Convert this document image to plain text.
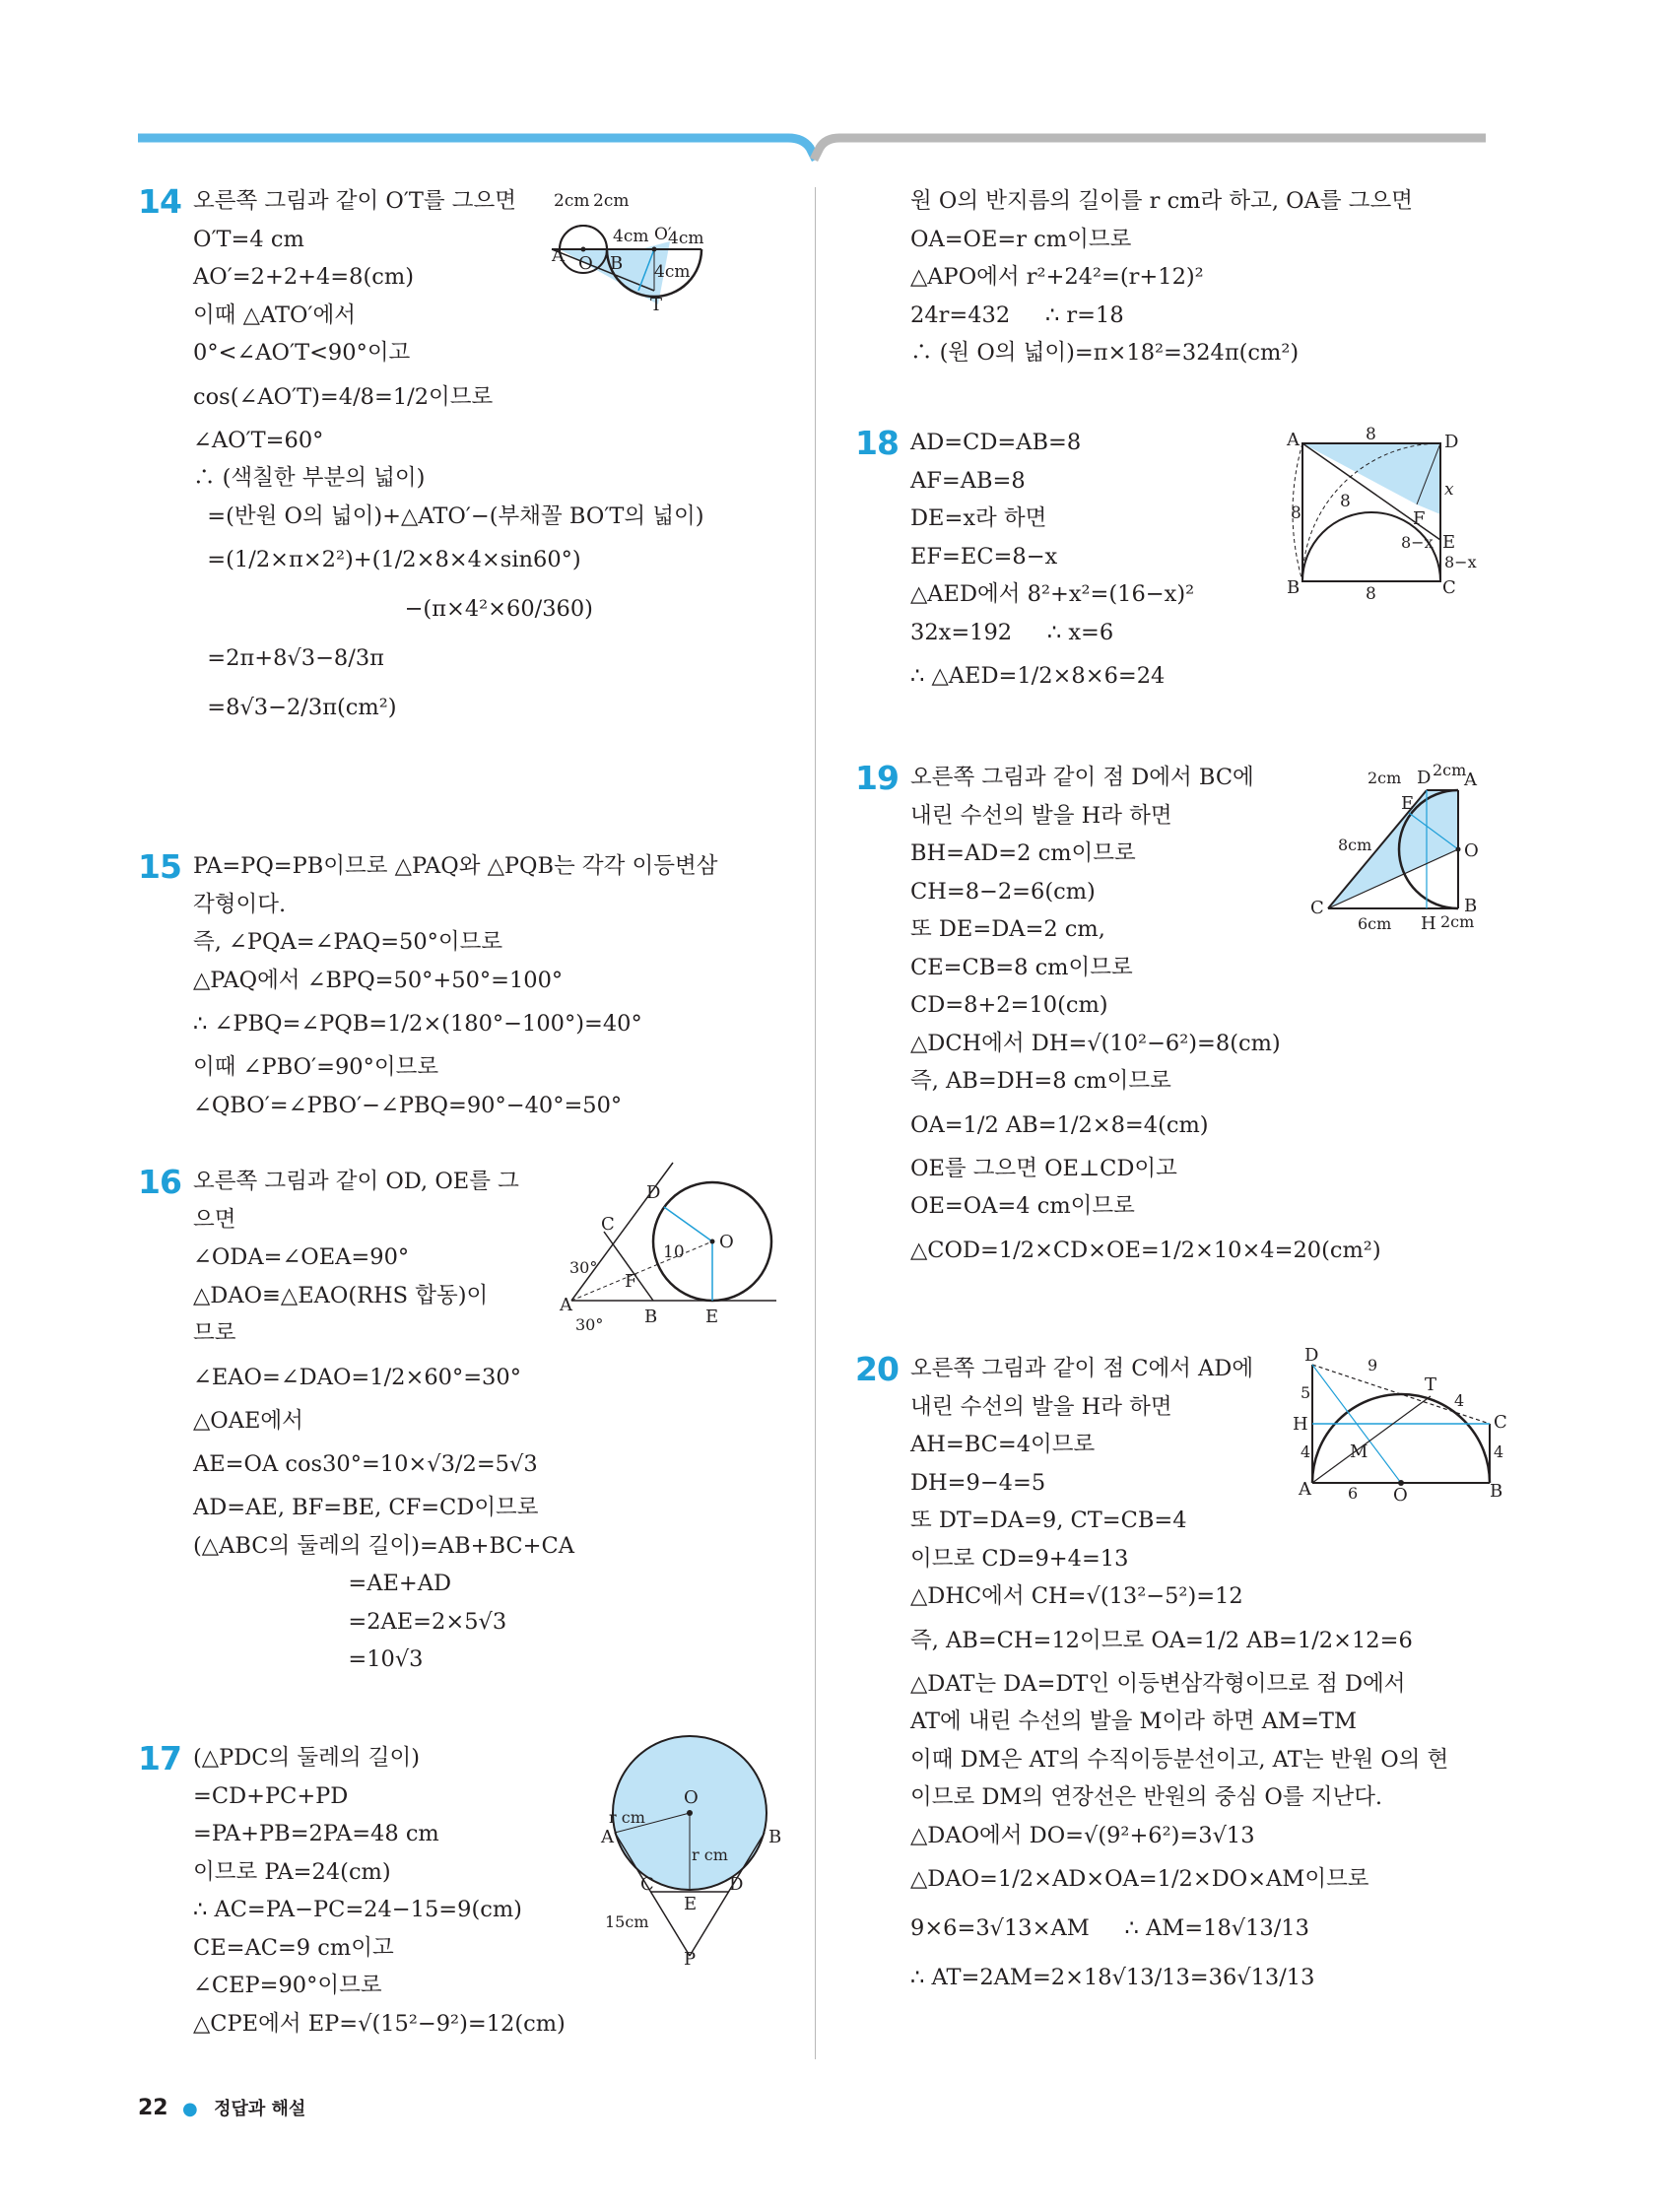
14 오른쪽 그림과 같이 O′T를 그으면
O′T=4 cm
AO′=2+2+4=8(cm)
이때 △ATO′에서
0°<∠AO′T<90°이고
cos(∠AO′T)=4/8=1/2이므로
∠AO′T=60°
∴ (색칠한 부분의 넓이)
=(반원 O의 넓이)+△ATO′−(부채꼴 BO′T의 넓이)
=(1/2×π×2²)+(1/2×8×4×sin60°)
−(π×4²×60/360)
=2π+8√3−8/3π
=8√3−2/3π(cm²)
2cm 2cm
4cm O′
4cm
A O B 4cm
T
15 PA=PQ=PB이므로 △PAQ와 △PQB는 각각 이등변삼
각형이다.
즉, ∠PQA=∠PAQ=50°이므로
△PAQ에서 ∠BPQ=50°+50°=100°
∴ ∠PBQ=∠PQB=1/2×(180°−100°)=40°
이때 ∠PBO′=90°이므로
∠QBO′=∠PBO′−∠PBQ=90°−40°=50°
16 오른쪽 그림과 같이 OD, OE를 그
으면
∠ODA=∠OEA=90°
△DAO≡△EAO(RHS 합동)이
므로
∠EAO=∠DAO=1/2×60°=30°
△OAE에서
AE=OA cos30°=10×√3/2=5√3
AD=AE, BF=BE, CF=CD이므로
(△ABC의 둘레의 길이)=AB+BC+CA
=AE+AD
=2AE=2×5√3
=10√3
D
C
O
10
30°
F
A
30° B	E
17 (△PDC의 둘레의 길이)
=CD+PC+PD
=PA+PB=2PA=48 cm
이므로 PA=24(cm)
∴ AC=PA−PC=24−15=9(cm)
CE=AC=9 cm이고
∠CEP=90°이므로
△CPE에서 EP=√(15²−9²)=12(cm)
O
r cm
r cm
A	B
C
E
D
15cm
P
원 O의 반지름의 길이를 r cm라 하고, OA를 그으면
OA=OE=r cm이므로
△APO에서 r²+24²=(r+12)²
24r=432     ∴ r=18
∴ (원 O의 넓이)=π×18²=324π(cm²)
18 AD=CD=AB=8
AF=AB=8
DE=x라 하면
EF=EC=8−x
△AED에서 8²+x²=(16−x)²
32x=192     ∴ x=6
∴ △AED=1/2×8×6=24
A	8	D
8
x
8	F
E
8−x
8−x
B	8	C
19 오른쪽 그림과 같이 점 D에서 BC에
내린 수선의 발을 H라 하면
BH=AD=2 cm이므로
CH=8−2=6(cm)
또 DE=DA=2 cm,
CE=CB=8 cm이므로
CD=8+2=10(cm)
△DCH에서 DH=√(10²−6²)=8(cm)
즉, AB=DH=8 cm이므로
OA=1/2 AB=1/2×8=4(cm)
OE를 그으면 OE⊥CD이고
OE=OA=4 cm이므로
△COD=1/2×CD×OE=1/2×10×4=20(cm²)
2cm D 2cm
A
E
8cm	O
C
6cm H 2cm
B
20 오른쪽 그림과 같이 점 C에서 AD에
내린 수선의 발을 H라 하면
AH=BC=4이므로
DH=9−4=5
또 DT=DA=9, CT=CB=4
이므로 CD=9+4=13
△DHC에서 CH=√(13²−5²)=12
즉, AB=CH=12이므로 OA=1/2 AB=1/2×12=6
△DAT는 DA=DT인 이등변삼각형이므로 점 D에서
AT에 내린 수선의 발을 M이라 하면 AM=TM
이때 DM은 AT의 수직이등분선이고, AT는 반원 O의 현
이므로 DM의 연장선은 반원의 중심 O를 지난다.
△DAO에서 DO=√(9²+6²)=3√13
△DAO=1/2×AD×OA=1/2×DO×AM이므로
9×6=3√13×AM     ∴ AM=18√13/13
∴ AT=2AM=2×18√13/13=36√13/13
D	9
T
4
C
5
H
4 M	4
A 6 O	B
22 ● 정답과 해설
